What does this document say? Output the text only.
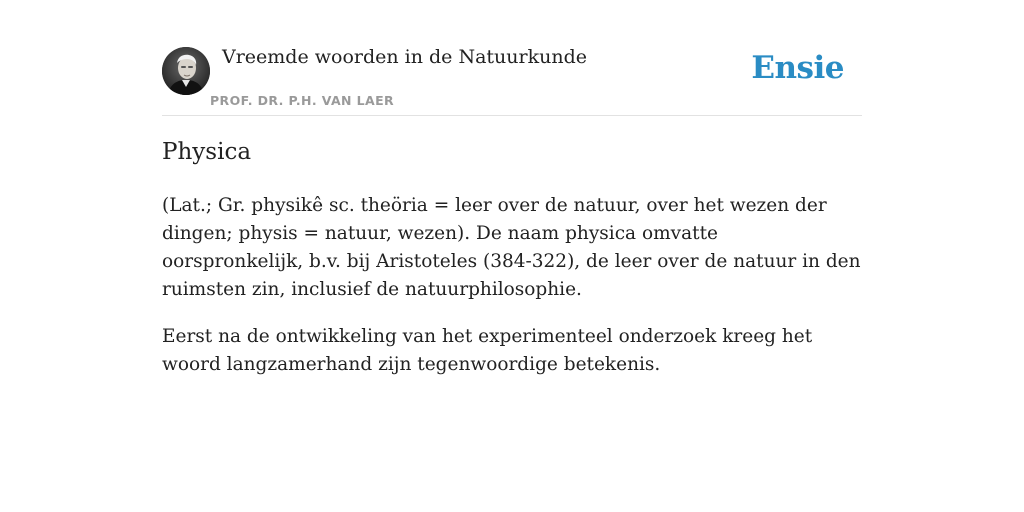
Vreemde woorden in de Natuurkunde
PROF. DR. P.H. VAN LAER
Ensie
Physica

(Lat.; Gr. physikê sc. theöria = leer over de natuur, over het wezen der dingen; physis = natuur, wezen). De naam physica omvatte oorspronkelijk, b.v. bij Aristoteles (384-322), de leer over de natuur in den ruimsten zin, inclusief de natuurphilosophie.

Eerst na de ontwikkeling van het experimenteel onderzoek kreeg het woord langzamerhand zijn tegenwoordige betekenis.
